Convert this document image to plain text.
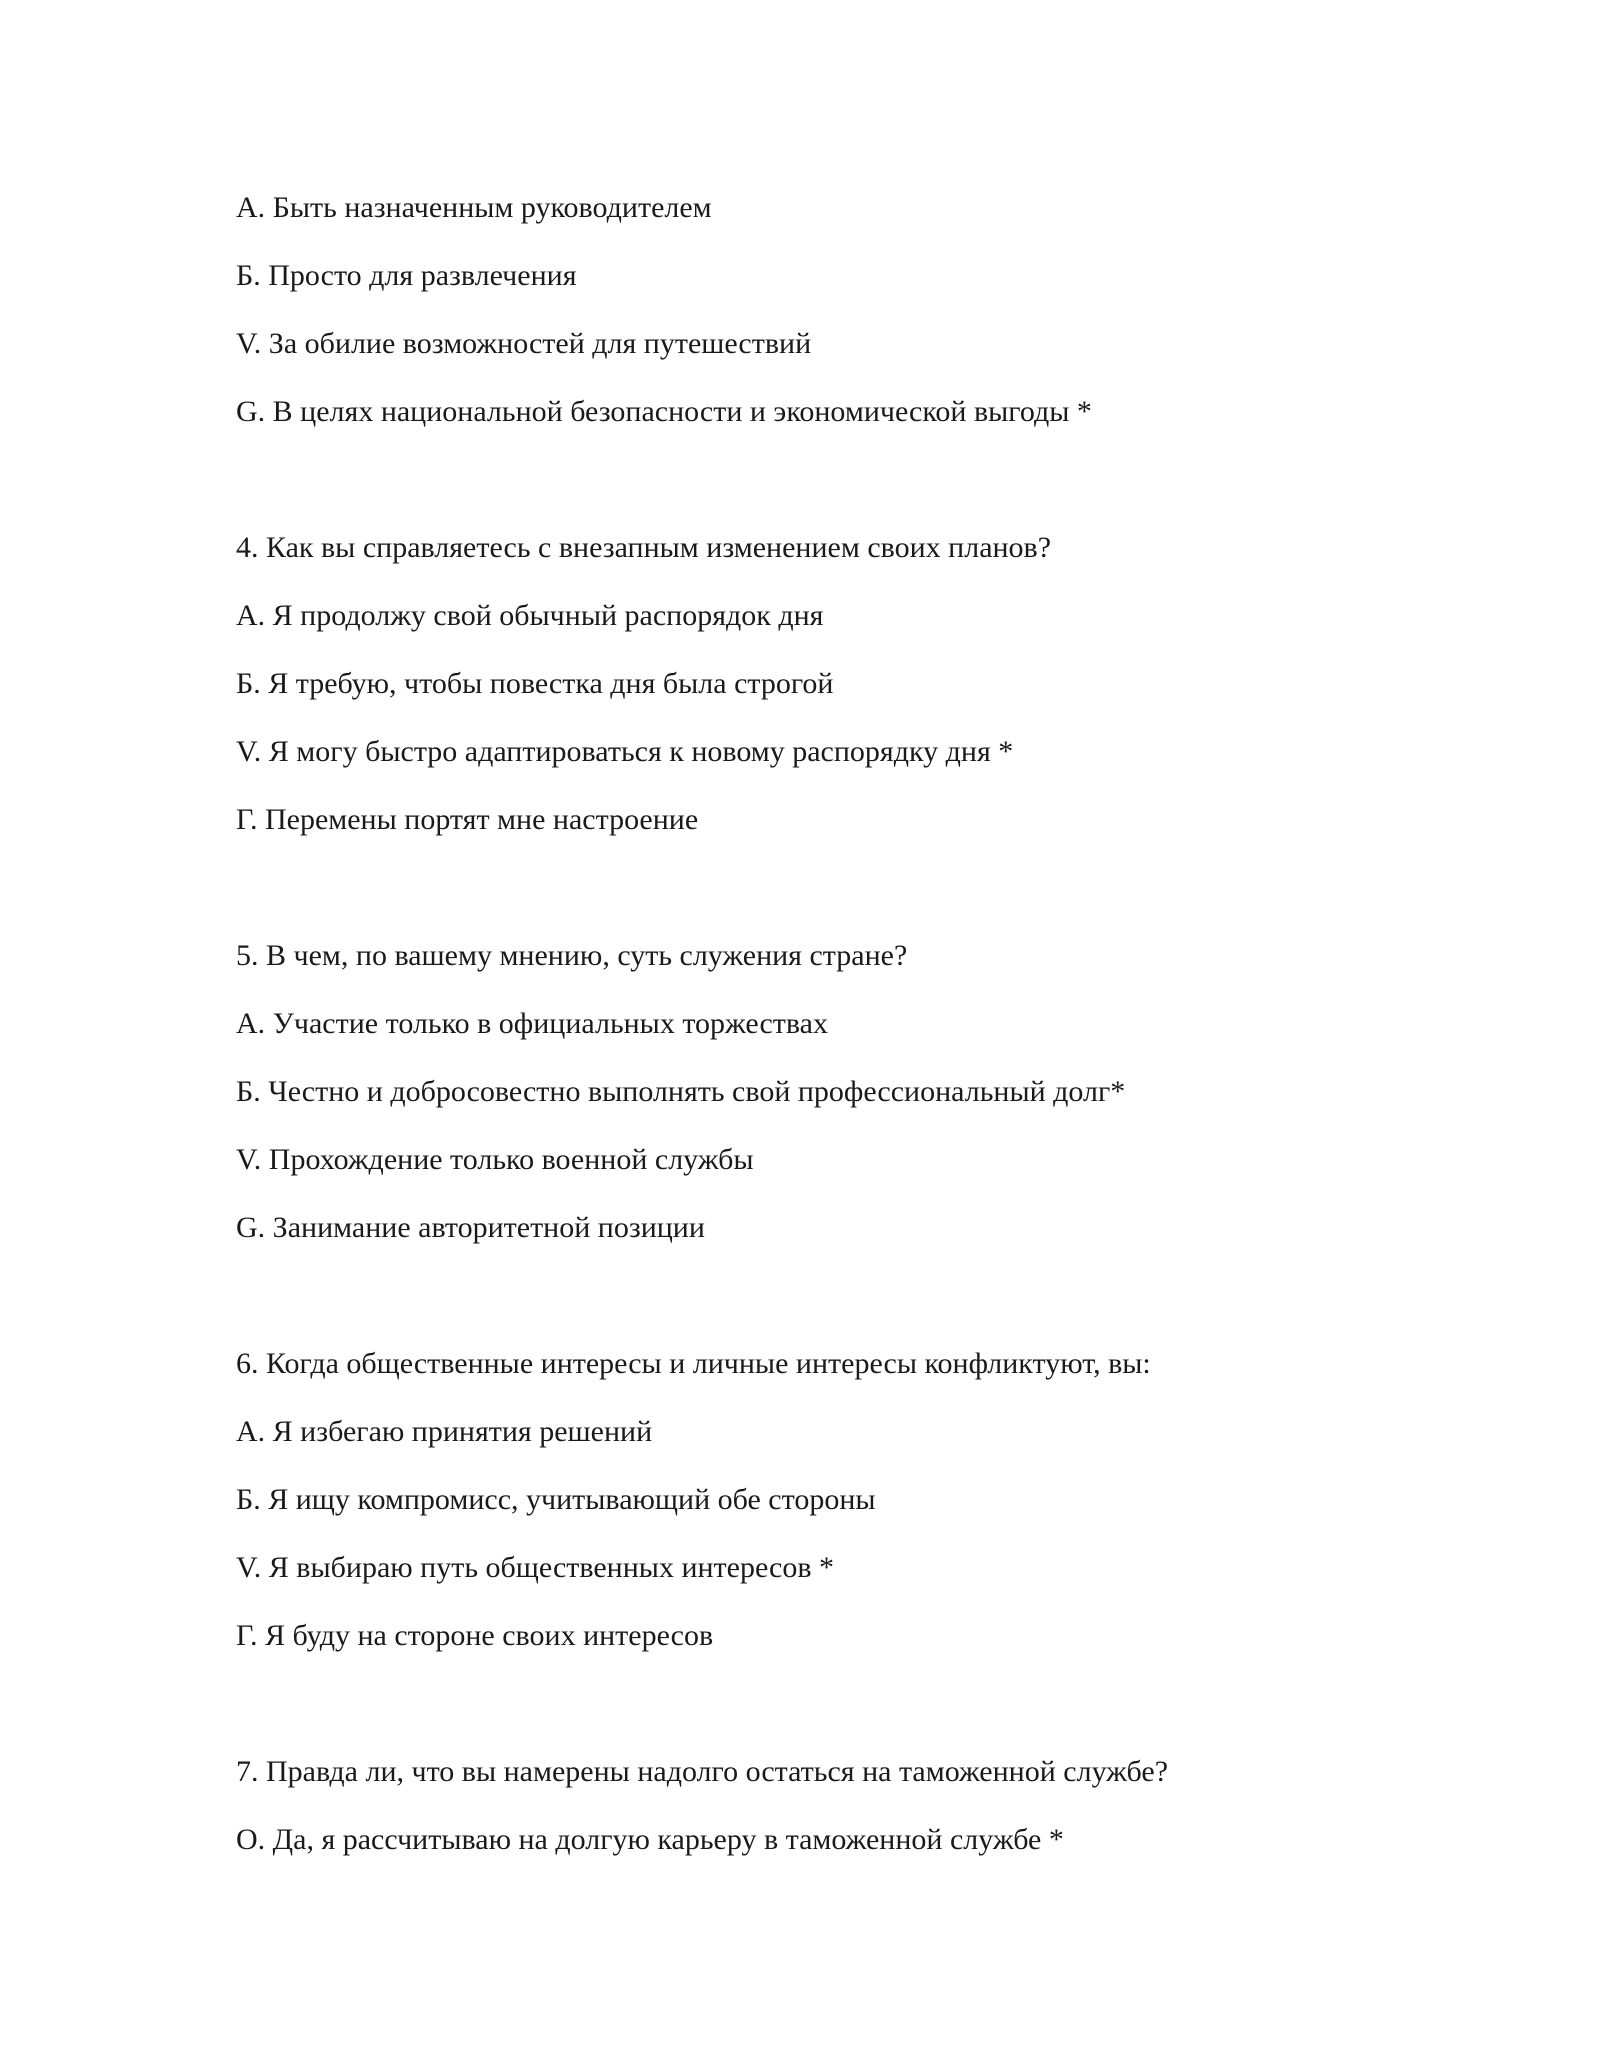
А. Быть назначенным руководителем
Б. Просто для развлечения
V. За обилие возможностей для путешествий
G. В целях национальной безопасности и экономической выгоды *
4. Как вы справляетесь с внезапным изменением своих планов?
А. Я продолжу свой обычный распорядок дня
Б. Я требую, чтобы повестка дня была строгой
V. Я могу быстро адаптироваться к новому распорядку дня *
Г. Перемены портят мне настроение
5. В чем, по вашему мнению, суть служения стране?
А. Участие только в официальных торжествах
Б. Честно и добросовестно выполнять свой профессиональный долг*
V. Прохождение только военной службы
G. Занимание авторитетной позиции
6. Когда общественные интересы и личные интересы конфликтуют, вы:
А. Я избегаю принятия решений
Б. Я ищу компромисс, учитывающий обе стороны
V. Я выбираю путь общественных интересов *
Г. Я буду на стороне своих интересов
7. Правда ли, что вы намерены надолго остаться на таможенной службе?
О. Да, я рассчитываю на долгую карьеру в таможенной службе *
